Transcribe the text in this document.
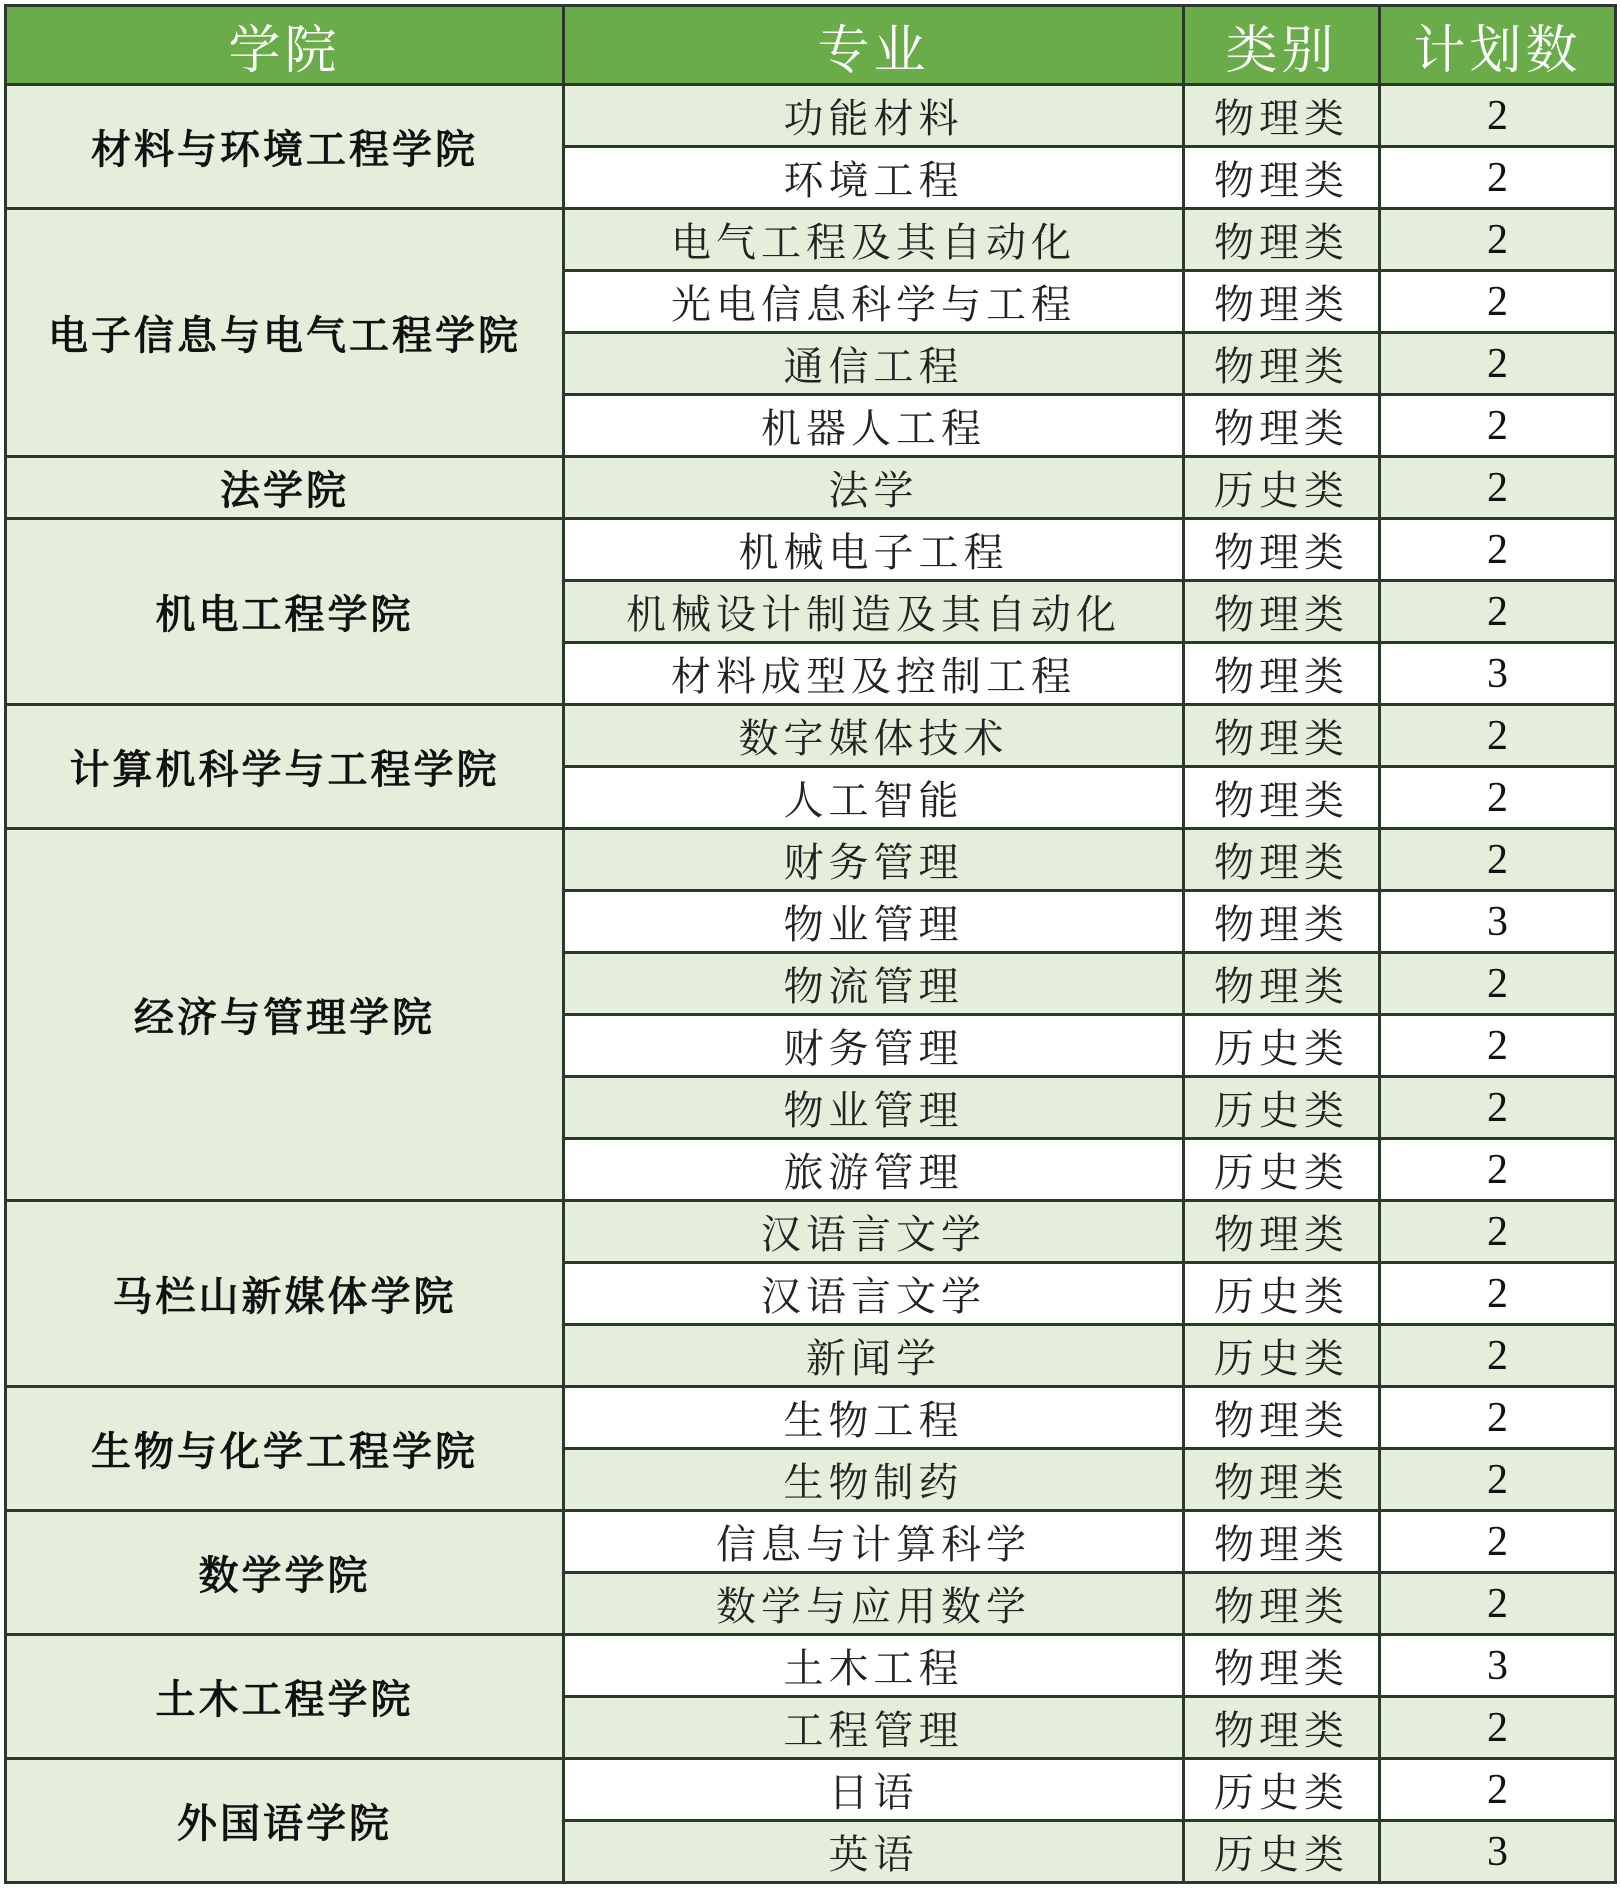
学院	专业	类别	计划数
材料与环境工程学院	功能材料	物理类	2
	环境工程	物理类	2
电子信息与电气工程学院	电气工程及其自动化	物理类	2
	光电信息科学与工程	物理类	2
	通信工程	物理类	2
	机器人工程	物理类	2
法学院	法学	历史类	2
机电工程学院	机械电子工程	物理类	2
	机械设计制造及其自动化	物理类	2
	材料成型及控制工程	物理类	3
计算机科学与工程学院	数字媒体技术	物理类	2
	人工智能	物理类	2
经济与管理学院	财务管理	物理类	2
	物业管理	物理类	3
	物流管理	物理类	2
	财务管理	历史类	2
	物业管理	历史类	2
	旅游管理	历史类	2
马栏山新媒体学院	汉语言文学	物理类	2
	汉语言文学	历史类	2
	新闻学	历史类	2
生物与化学工程学院	生物工程	物理类	2
	生物制药	物理类	2
数学学院	信息与计算科学	物理类	2
	数学与应用数学	物理类	2
土木工程学院	土木工程	物理类	3
	工程管理	物理类	2
外国语学院	日语	历史类	2
	英语	历史类	3
